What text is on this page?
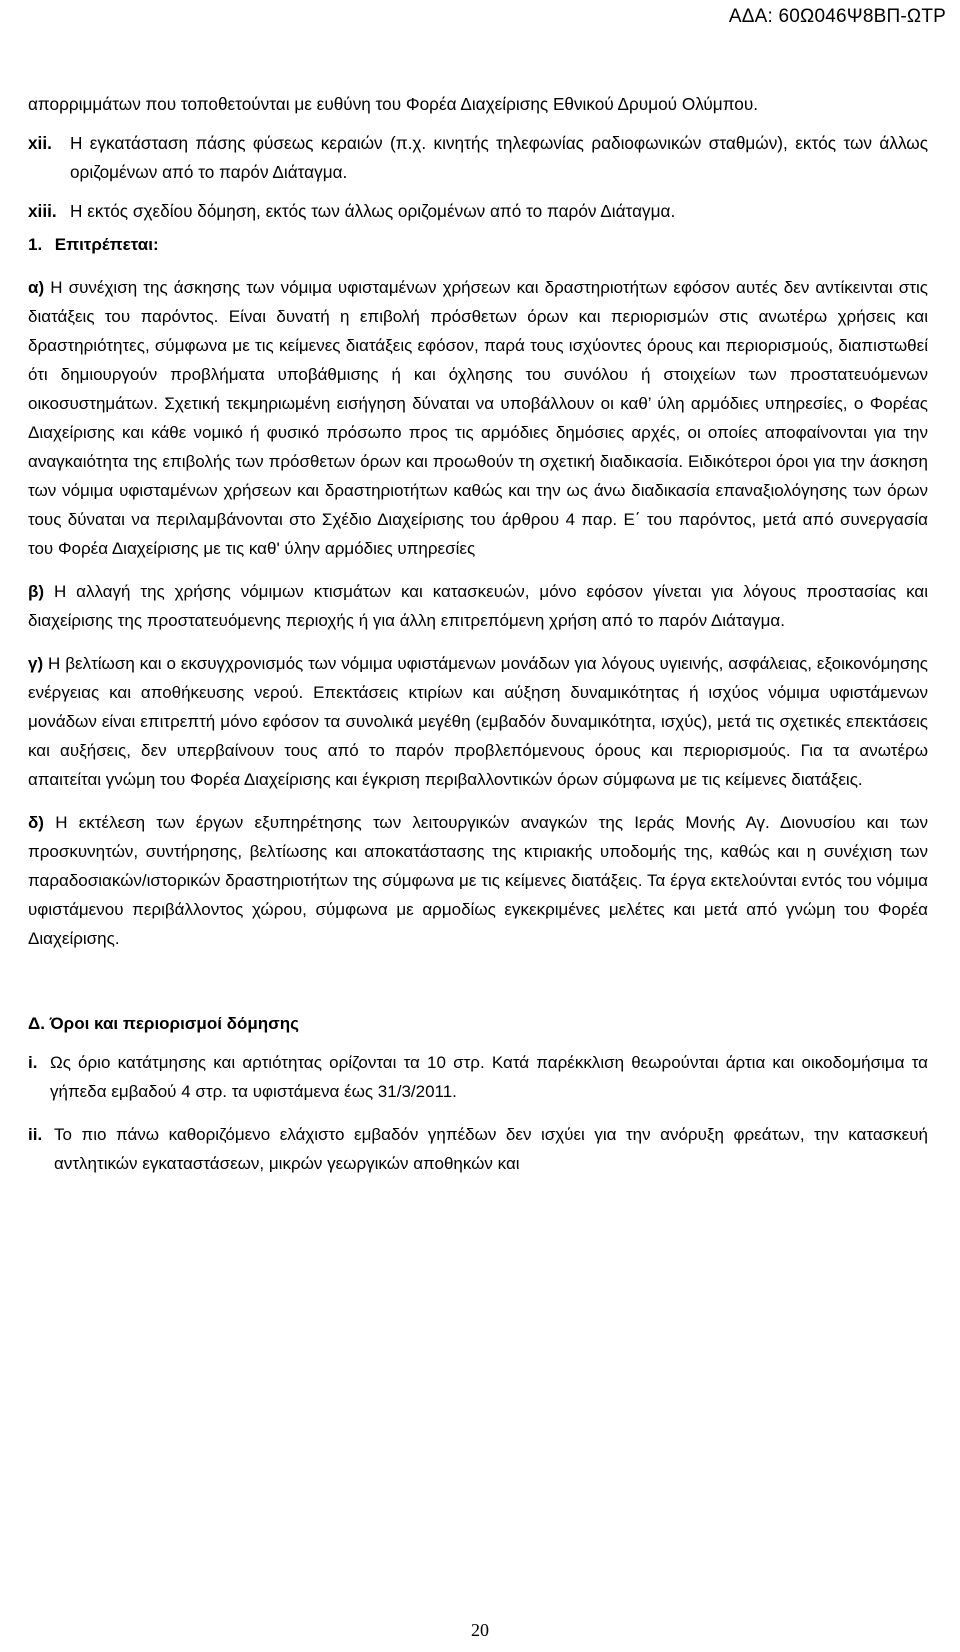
ΑΔΑ: 60Ω046Ψ8ΒΠ-ΩΤΡ

απορριμμάτων που τοποθετούνται με ευθύνη του Φορέα Διαχείρισης Εθνικού Δρυμού Ολύμπου.

xii.	Η εγκατάσταση πάσης φύσεως κεραιών (π.χ. κινητής τηλεφωνίας ραδιοφωνικών σταθμών), εκτός των άλλως οριζομένων από το παρόν Διάταγμα.
xiii. Η εκτός σχεδίου δόμηση, εκτός των άλλως οριζομένων από το παρόν Διάταγμα.
1. Επιτρέπεται:

α) Η συνέχιση της άσκησης των νόμιμα υφισταμένων χρήσεων και δραστηριοτήτων εφόσον αυτές δεν αντίκεινται στις διατάξεις του παρόντος. Είναι δυνατή η επιβολή πρόσθετων όρων και περιορισμών στις ανωτέρω χρήσεις και δραστηριότητες, σύμφωνα με τις κείμενες διατάξεις εφόσον, παρά τους ισχύοντες όρους και περιορισμούς, διαπιστωθεί ότι δημιουργούν προβλήματα υποβάθμισης ή και όχλησης του συνόλου ή στοιχείων των προστατευόμενων οικοσυστημάτων. Σχετική τεκμηριωμένη εισήγηση δύναται να υποβάλλουν οι καθ’ ύλη αρμόδιες υπηρεσίες, ο Φορέας Διαχείρισης και κάθε νομικό ή φυσικό πρόσωπο προς τις αρμόδιες δημόσιες αρχές, οι οποίες αποφαίνονται για την αναγκαιότητα της επιβολής των πρόσθετων όρων και προωθούν τη σχετική διαδικασία. Ειδικότεροι όροι για την άσκηση των νόμιμα υφισταμένων χρήσεων και δραστηριοτήτων καθώς και την ως άνω διαδικασία επαναξιολόγησης των όρων τους δύναται να περιλαμβάνονται στο Σχέδιο Διαχείρισης του άρθρου 4 παρ. Ε΄ του παρόντος, μετά από συνεργασία του Φορέα Διαχείρισης με τις καθ' ύλην αρμόδιες υπηρεσίες

β) Η αλλαγή της χρήσης νόμιμων κτισμάτων και κατασκευών, μόνο εφόσον γίνεται για λόγους προστασίας και διαχείρισης της προστατευόμενης περιοχής ή για άλλη επιτρεπόμενη χρήση από το παρόν Διάταγμα.

γ) Η βελτίωση και ο εκσυγχρονισμός των νόμιμα υφιστάμενων μονάδων για λόγους υγιεινής, ασφάλειας, εξοικονόμησης ενέργειας και αποθήκευσης νερού. Επεκτάσεις κτιρίων και αύξηση δυναμικότητας ή ισχύος νόμιμα υφιστάμενων μονάδων είναι επιτρεπτή μόνο εφόσον τα συνολικά μεγέθη (εμβαδόν δυναμικότητα, ισχύς), μετά τις σχετικές επεκτάσεις και αυξήσεις, δεν υπερβαίνουν τους από το παρόν προβλεπόμενους όρους και περιορισμούς. Για τα ανωτέρω απαιτείται γνώμη του Φορέα Διαχείρισης και έγκριση περιβαλλοντικών όρων σύμφωνα με τις κείμενες διατάξεις.

δ) Η εκτέλεση των έργων εξυπηρέτησης των λειτουργικών αναγκών της Ιεράς Μονής Αγ. Διονυσίου και των προσκυνητών, συντήρησης, βελτίωσης και αποκατάστασης της κτιριακής υποδομής της, καθώς και η συνέχιση των παραδοσιακών/ιστορικών δραστηριοτήτων της σύμφωνα με τις κείμενες διατάξεις. Τα έργα εκτελούνται εντός του νόμιμα υφιστάμενου περιβάλλοντος χώρου, σύμφωνα με αρμοδίως εγκεκριμένες μελέτες και μετά από γνώμη του Φορέα Διαχείρισης.

Δ. Όροι και περιορισμοί δόμησης
i. Ως όριο κατάτμησης και αρτιότητας ορίζονται τα 10 στρ. Κατά παρέκκλιση θεωρούνται άρτια και οικοδομήσιμα τα γήπεδα εμβαδού 4 στρ. τα υφιστάμενα έως 31/3/2011.
ii. Το πιο πάνω καθοριζόμενο ελάχιστο εμβαδόν γηπέδων δεν ισχύει για την ανόρυξη φρεάτων, την κατασκευή αντλητικών εγκαταστάσεων, μικρών γεωργικών αποθηκών και
20
